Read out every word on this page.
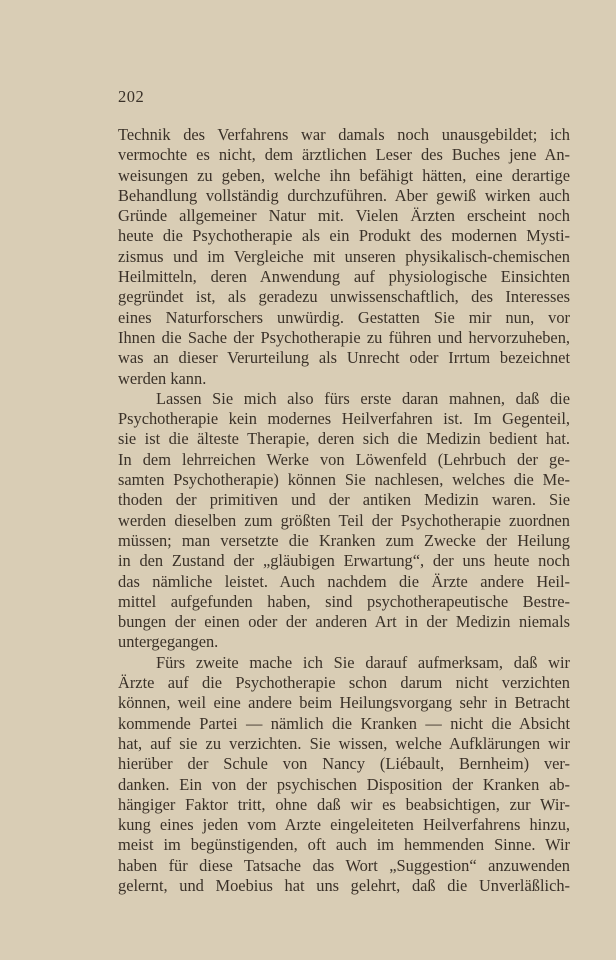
202
Technik des Verfahrens war damals noch unausgebildet; ich
vermochte es nicht, dem ärztlichen Leser des Buches jene An-
weisungen zu geben, welche ihn befähigt hätten, eine derartige
Behandlung vollständig durchzuführen. Aber gewiß wirken auch
Gründe allgemeiner Natur mit. Vielen Ärzten erscheint noch
heute die Psychotherapie als ein Produkt des modernen Mysti-
zismus und im Vergleiche mit unseren physikalisch-chemischen
Heilmitteln, deren Anwendung auf physiologische Einsichten
gegründet ist, als geradezu unwissenschaftlich, des Interesses
eines Naturforschers unwürdig. Gestatten Sie mir nun, vor
Ihnen die Sache der Psychotherapie zu führen und hervorzuheben,
was an dieser Verurteilung als Unrecht oder Irrtum bezeichnet
werden kann.
Lassen Sie mich also fürs erste daran mahnen, daß die
Psychotherapie kein modernes Heilverfahren ist. Im Gegenteil,
sie ist die älteste Therapie, deren sich die Medizin bedient hat.
In dem lehrreichen Werke von Löwenfeld (Lehrbuch der ge-
samten Psychotherapie) können Sie nachlesen, welches die Me-
thoden der primitiven und der antiken Medizin waren. Sie
werden dieselben zum größten Teil der Psychotherapie zuordnen
müssen; man versetzte die Kranken zum Zwecke der Heilung
in den Zustand der „gläubigen Erwartung“, der uns heute noch
das nämliche leistet. Auch nachdem die Ärzte andere Heil-
mittel aufgefunden haben, sind psychotherapeutische Bestre-
bungen der einen oder der anderen Art in der Medizin niemals
untergegangen.
Fürs zweite mache ich Sie darauf aufmerksam, daß wir
Ärzte auf die Psychotherapie schon darum nicht verzichten
können, weil eine andere beim Heilungsvorgang sehr in Betracht
kommende Partei — nämlich die Kranken — nicht die Absicht
hat, auf sie zu verzichten. Sie wissen, welche Aufklärungen wir
hierüber der Schule von Nancy (Liébault, Bernheim) ver-
danken. Ein von der psychischen Disposition der Kranken ab-
hängiger Faktor tritt, ohne daß wir es beabsichtigen, zur Wir-
kung eines jeden vom Arzte eingeleiteten Heilverfahrens hinzu,
meist im begünstigenden, oft auch im hemmenden Sinne. Wir
haben für diese Tatsache das Wort „Suggestion“ anzuwenden
gelernt, und Moebius hat uns gelehrt, daß die Unverläßlich-
